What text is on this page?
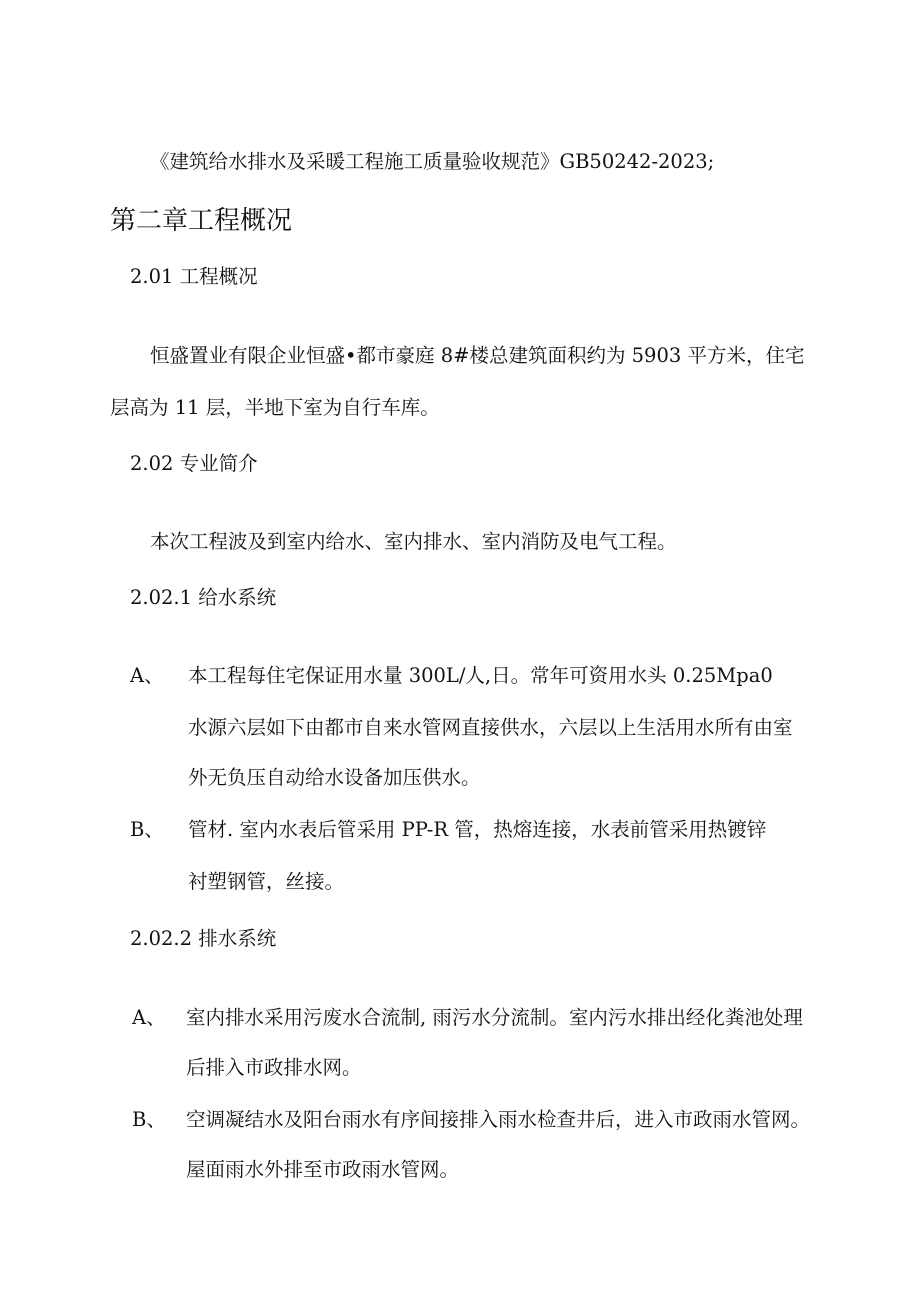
《建筑给水排水及采暖工程施工质量验收规范》GB50242-2023;
第二章工程概况
2.01 工程概况
恒盛置业有限企业恒盛•都市豪庭 8#楼总建筑面积约为 5903 平方米，住宅
层高为 11 层，半地下室为自行车库。
2.02 专业简介
本次工程波及到室内给水、室内排水、室内消防及电气工程。
2.02.1 给水系统
A、	本工程每住宅保证用水量 300L/人,日。常年可资用水头 0.25Mpa0
水源六层如下由都市自来水管网直接供水，六层以上生活用水所有由室
外无负压自动给水设备加压供水。
B、	管材. 室内水表后管采用 PP-R 管，热熔连接，水表前管采用热镀锌
衬塑钢管，丝接。
2.02.2 排水系统
A、	室内排水采用污废水合流制, 雨污水分流制。室内污水排出经化粪池处理
后排入市政排水网。
B、	空调凝结水及阳台雨水有序间接排入雨水检查井后，进入市政雨水管网。
屋面雨水外排至市政雨水管网。
